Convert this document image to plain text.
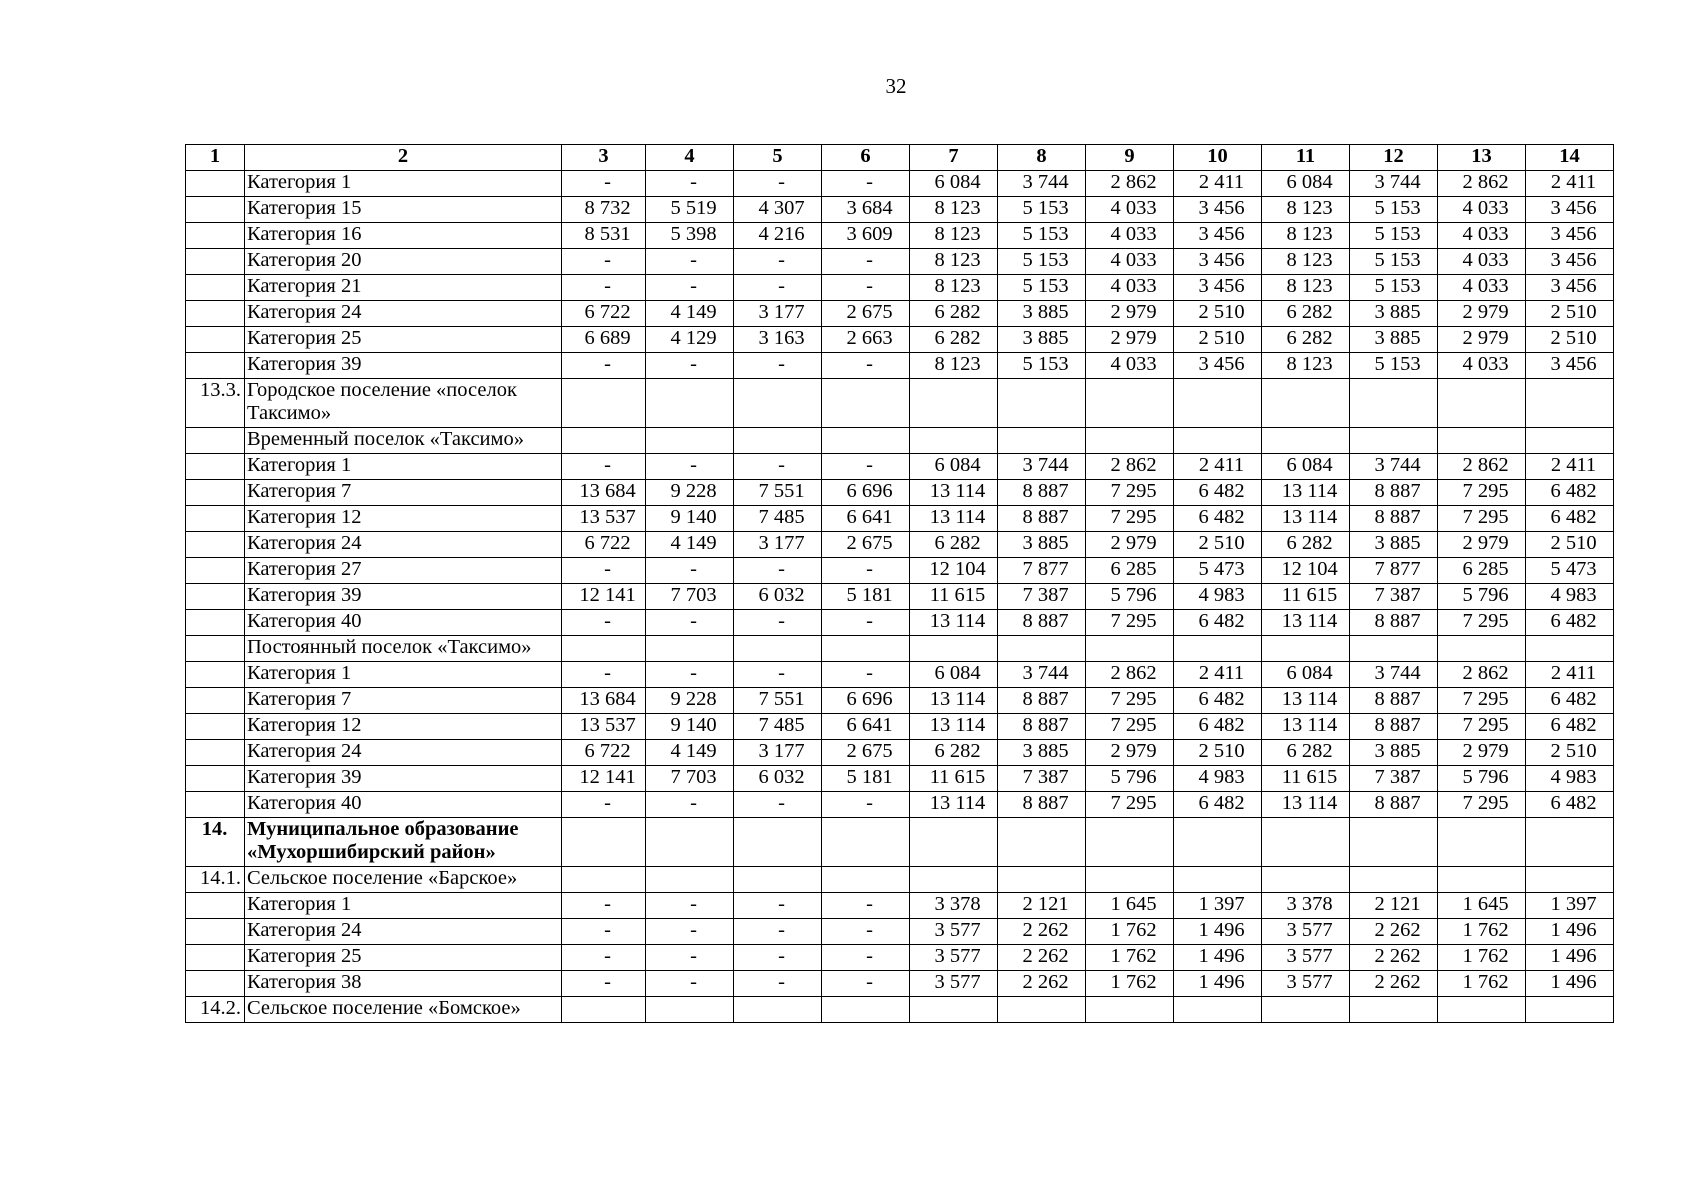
32
1	2	3	4	5	6	7	8	9	10	11	12	13	14
	Категория 1	-	-	-	-	6 084	3 744	2 862	2 411	6 084	3 744	2 862	2 411
	Категория 15	8 732	5 519	4 307	3 684	8 123	5 153	4 033	3 456	8 123	5 153	4 033	3 456
	Категория 16	8 531	5 398	4 216	3 609	8 123	5 153	4 033	3 456	8 123	5 153	4 033	3 456
	Категория 20	-	-	-	-	8 123	5 153	4 033	3 456	8 123	5 153	4 033	3 456
	Категория 21	-	-	-	-	8 123	5 153	4 033	3 456	8 123	5 153	4 033	3 456
	Категория 24	6 722	4 149	3 177	2 675	6 282	3 885	2 979	2 510	6 282	3 885	2 979	2 510
	Категория 25	6 689	4 129	3 163	2 663	6 282	3 885	2 979	2 510	6 282	3 885	2 979	2 510
	Категория 39	-	-	-	-	8 123	5 153	4 033	3 456	8 123	5 153	4 033	3 456
13.3.	Городское поселение «поселок Таксимо»												
	Временный поселок «Таксимо»												
	Категория 1	-	-	-	-	6 084	3 744	2 862	2 411	6 084	3 744	2 862	2 411
	Категория 7	13 684	9 228	7 551	6 696	13 114	8 887	7 295	6 482	13 114	8 887	7 295	6 482
	Категория 12	13 537	9 140	7 485	6 641	13 114	8 887	7 295	6 482	13 114	8 887	7 295	6 482
	Категория 24	6 722	4 149	3 177	2 675	6 282	3 885	2 979	2 510	6 282	3 885	2 979	2 510
	Категория 27	-	-	-	-	12 104	7 877	6 285	5 473	12 104	7 877	6 285	5 473
	Категория 39	12 141	7 703	6 032	5 181	11 615	7 387	5 796	4 983	11 615	7 387	5 796	4 983
	Категория 40	-	-	-	-	13 114	8 887	7 295	6 482	13 114	8 887	7 295	6 482
	Постоянный поселок «Таксимо»												
	Категория 1	-	-	-	-	6 084	3 744	2 862	2 411	6 084	3 744	2 862	2 411
	Категория 7	13 684	9 228	7 551	6 696	13 114	8 887	7 295	6 482	13 114	8 887	7 295	6 482
	Категория 12	13 537	9 140	7 485	6 641	13 114	8 887	7 295	6 482	13 114	8 887	7 295	6 482
	Категория 24	6 722	4 149	3 177	2 675	6 282	3 885	2 979	2 510	6 282	3 885	2 979	2 510
	Категория 39	12 141	7 703	6 032	5 181	11 615	7 387	5 796	4 983	11 615	7 387	5 796	4 983
	Категория 40	-	-	-	-	13 114	8 887	7 295	6 482	13 114	8 887	7 295	6 482
14.	Муниципальное образование «Мухоршибирский район»												
14.1.	Сельское поселение «Барское»												
	Категория 1	-	-	-	-	3 378	2 121	1 645	1 397	3 378	2 121	1 645	1 397
	Категория 24	-	-	-	-	3 577	2 262	1 762	1 496	3 577	2 262	1 762	1 496
	Категория 25	-	-	-	-	3 577	2 262	1 762	1 496	3 577	2 262	1 762	1 496
	Категория 38	-	-	-	-	3 577	2 262	1 762	1 496	3 577	2 262	1 762	1 496
14.2.	Сельское поселение «Бомское»												
